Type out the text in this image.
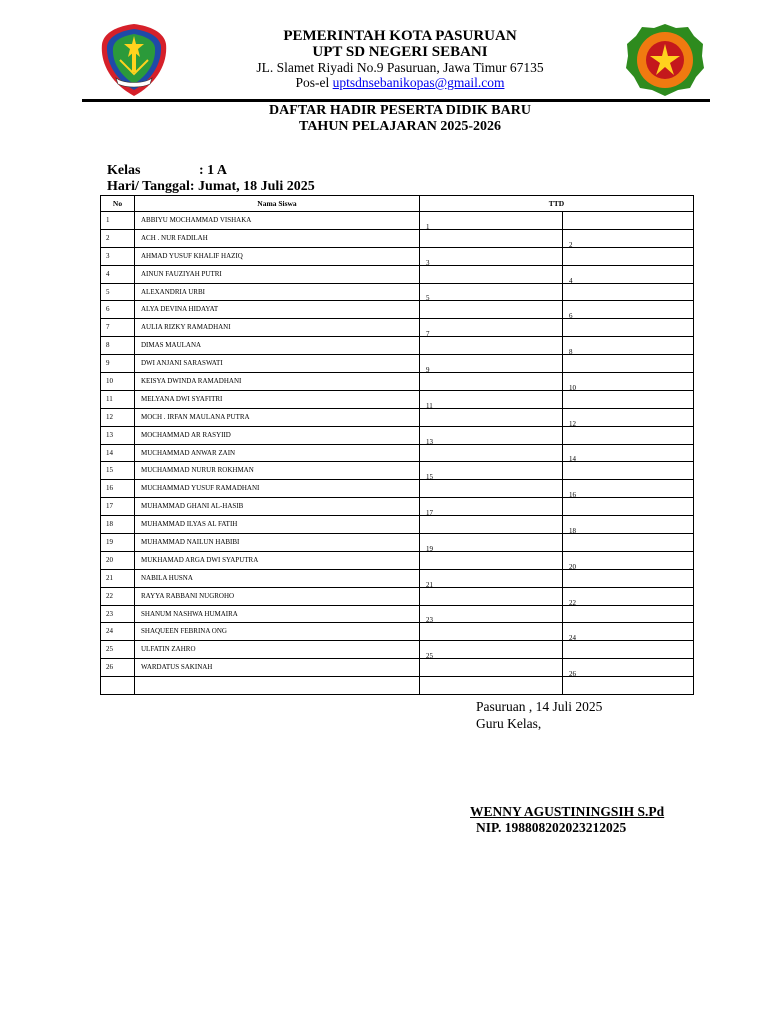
PEMERINTAH KOTA PASURUAN
UPT SD NEGERI SEBANI
JL. Slamet Riyadi No.9 Pasuruan, Jawa Timur 67135
Pos-el uptsdnsebanikopas@gmail.com
DAFTAR HADIR PESERTA DIDIK BARU
TAHUN PELAJARAN 2025-2026
Kelas	: 1 A
Hari/ Tanggal:
Jumat, 18 Juli 2025
No	Nama Siswa	TTD	
1	ABBIYU MOCHAMMAD VISHAKA	1	
2	ACH . NUR FADILAH		2
3	AHMAD YUSUF KHALIF HAZIQ	3	
4	AINUN FAUZIYAH PUTRI		4
5	ALEXANDRIA URBI	5	
6	ALYA DEVINA HIDAYAT		6
7	AULIA RIZKY RAMADHANI	7	
8	DIMAS MAULANA		8
9	DWI ANJANI SARASWATI	9	
10	KEISYA DWINDA RAMADHANI		10
11	MELYANA DWI SYAFITRI	11	
12	MOCH . IRFAN MAULANA PUTRA		12
13	MOCHAMMAD AR RASYIID	13	
14	MUCHAMMAD ANWAR ZAIN		14
15	MUCHAMMAD NURUR ROKHMAN	15	
16	MUCHAMMAD YUSUF RAMADHANI		16
17	MUHAMMAD GHANI AL-HASIB	17	
18	MUHAMMAD ILYAS AL FATIH		18
19	MUHAMMAD NAILUN HABIBI	19	
20	MUKHAMAD ARGA DWI SYAPUTRA		20
21	NABILA HUSNA	21	
22	RAYYA RABBANI NUGROHO		22
23	SHANUM NASHWA HUMAIRA	23	
24	SHAQUEEN FEBRINA ONG		24
25	ULFATIN ZAHRO	25	
26	WARDATUS SAKINAH		26

Pasuruan , 14 Juli 2025
Guru Kelas,
WENNY AGUSTININGSIH S.Pd
NIP. 198808202023212025
